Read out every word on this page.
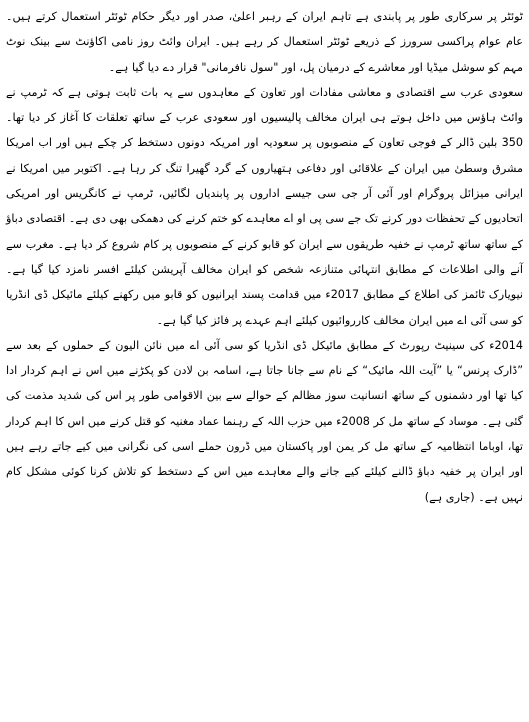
ٹوئٹر پر سرکاری طور پر پابندی ہے تاہم ایران کے رہبر اعلیٰ، صدر اور دیگر حکام ٹوئٹر استعمال کرتے ہیں۔ عام عوام پراکسی سرورز کے ذریعے ٹوئٹر استعمال کر رہے ہیں۔ ایران وائٹ روز نامی اکاؤنٹ سے بینک نوٹ مہم کو سوشل میڈیا اور معاشرے کے درمیان پل، اور "سول نافرمانی" قرار دے دیا گیا ہے۔

سعودی عرب سے اقتصادی و معاشی مفادات اور تعاون کے معاہدوں سے یہ بات ثابت ہوتی ہے کہ ٹرمپ نے وائٹ ہاؤس میں داخل ہوتے ہی ایران مخالف پالیسیوں اور سعودی عرب کے ساتھ تعلقات کا آغاز کر دیا تھا۔ 350 بلین ڈالر کے فوجی تعاون کے منصوبوں پر سعودیہ اور امریکہ دونوں دستخط کر چکے ہیں اور اب امریکا مشرق وسطیٰ میں ایران کے علاقائی اور دفاعی ہتھیاروں کے گرد گھیرا تنگ کر رہا ہے۔ اکتوبر میں امریکا نے ایرانی میزائل پروگرام اور آئی آر جی سی جیسے اداروں پر پابندیاں لگائیں، ٹرمپ نے کانگریس اور امریکی اتحادیوں کے تحفظات دور کرنے تک جے سی پی او اے معاہدے کو ختم کرنے کی دھمکی بھی دی ہے۔ اقتصادی دباؤ کے ساتھ ساتھ ٹرمپ نے خفیہ طریقوں سے ایران کو قابو کرنے کے منصوبوں پر کام شروع کر دیا ہے۔ مغرب سے آنے والی اطلاعات کے مطابق انتہائی متنازعہ شخص کو ایران مخالف آپریشن کیلئے افسر نامزد کیا گیا ہے۔ نیویارک ٹائمز کی اطلاع کے مطابق 2017ء میں قدامت پسند ایرانیوں کو قابو میں رکھنے کیلئے مائیکل ڈی انڈریا کو سی آئی اے میں ایران مخالف کارروائیوں کیلئے اہم عہدے پر فائز کیا گیا ہے۔

2014ء کی سینیٹ رپورٹ کے مطابق مائیکل ڈی انڈریا کو سی آئی اے میں نائن الیون کے حملوں کے بعد سے ”ڈارک پرنس“ یا ”آیت اللہ مائیک“ کے نام سے جانا جاتا ہے، اسامہ بن لادن کو پکڑنے میں اس نے اہم کردار ادا کیا تھا اور دشمنوں کے ساتھ انسانیت سوز مظالم کے حوالے سے بین الاقوامی طور پر اس کی شدید مذمت کی گئی ہے۔ موساد کے ساتھ مل کر 2008ء میں حزب اللہ کے رہنما عماد مغنیہ کو قتل کرنے میں اس کا اہم کردار تھا، اوباما انتظامیہ کے ساتھ مل کر یمن اور پاکستان میں ڈرون حملے اسی کی نگرانی میں کیے جاتے رہے ہیں اور ایران پر خفیہ دباؤ ڈالنے کیلئے کیے جانے والے معاہدے میں اس کے دستخط کو تلاش کرنا کوئی مشکل کام نہیں ہے۔ (جاری ہے)
